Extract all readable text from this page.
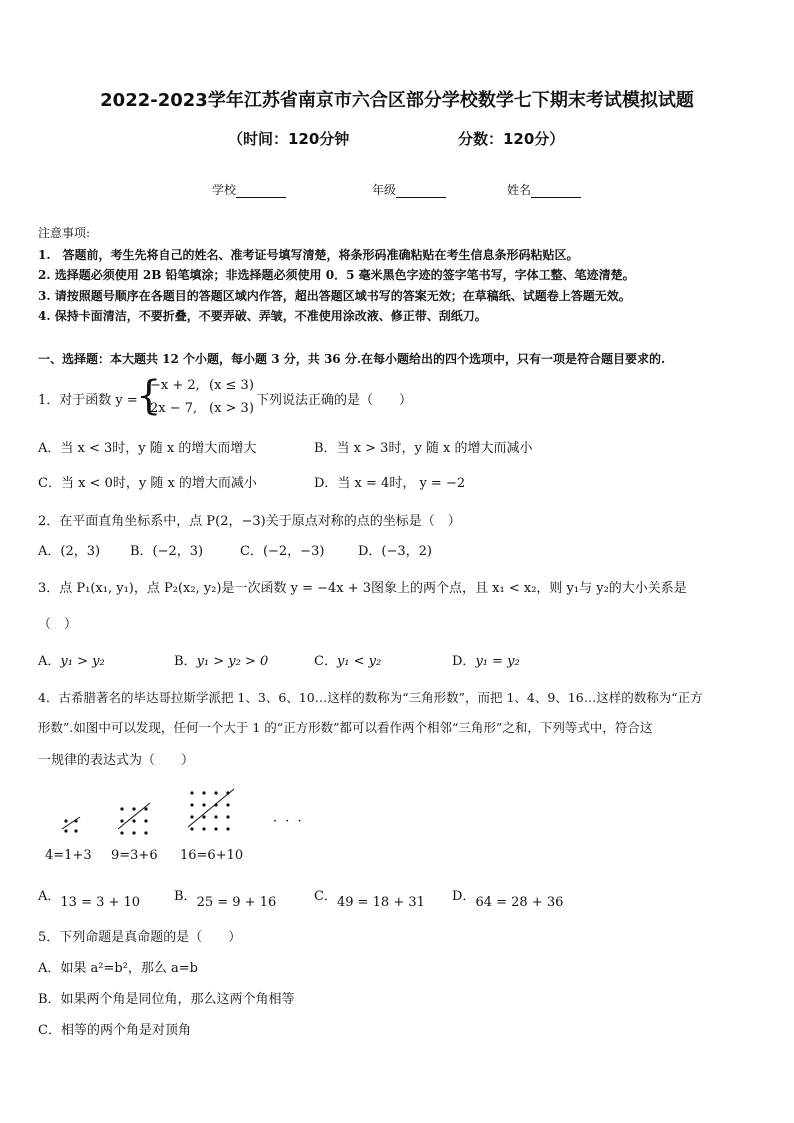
2022-2023学年江苏省南京市六合区部分学校数学七下期末考试模拟试题
（时间：120分钟	分数：120分）
学校	年级	姓名
注意事项:
1.　答题前，考生先将自己的姓名、准考证号填写清楚，将条形码准确粘贴在考生信息条形码粘贴区。
2. 选择题必须使用 2B 铅笔填涂；非选择题必须使用 0．5 毫米黑色字迹的签字笔书写，字体工整、笔迹清楚。
3. 请按照题号顺序在各题目的答题区域内作答，超出答题区域书写的答案无效；在草稿纸、试题卷上答题无效。
4. 保持卡面清洁，不要折叠，不要弄破、弄皱，不准使用涂改液、修正带、刮纸刀。
一、选择题：本大题共 12 个小题，每小题 3 分，共 36 分.在每小题给出的四个选项中，只有一项是符合题目要求的.
1．对于函数 y =
{
−x + 2, (x ≤ 3)
2x − 7, (x > 3)
下列说法正确的是（　　）
A．当 x < 3时，y 随 x 的增大而增大	B．当 x > 3时，y 随 x 的增大而减小
C．当 x < 0时，y 随 x 的增大而减小	D．当 x = 4时， y = −2
2．在平面直角坐标系中，点 P(2，−3)关于原点对称的点的坐标是（　）
A．(2，3) B．(−2，3)	C．(−2，−3)	D．(−3，2)
3．点 P₁(x₁, y₁)，点 P₂(x₂, y₂)是一次函数 y = −4x + 3图象上的两个点，且 x₁ < x₂，则 y₁与 y₂的大小关系是
（　）
A．y₁ > y₂	B．y₁ > y₂ > 0	C．y₁ < y₂	D．y₁ = y₂
4．古希腊著名的毕达哥拉斯学派把 1、3、6、10…这样的数称为“三角形数”，而把 1、4、9、16…这样的数称为“正方
形数”.如图中可以发现，任何一个大于 1 的“正方形数”都可以看作两个相邻“三角形”之和，下列等式中，符合这
一规律的表达式为（　　）
· · ·
4=1+3 9=3+6 16=6+10
A．13 = 3 + 10	B．25 = 9 + 16	C．49 = 18 + 31 D．64 = 28 + 36
5．下列命题是真命题的是（　　）
A．如果 a²=b²，那么 a=b
B．如果两个角是同位角，那么这两个角相等
C．相等的两个角是对顶角
